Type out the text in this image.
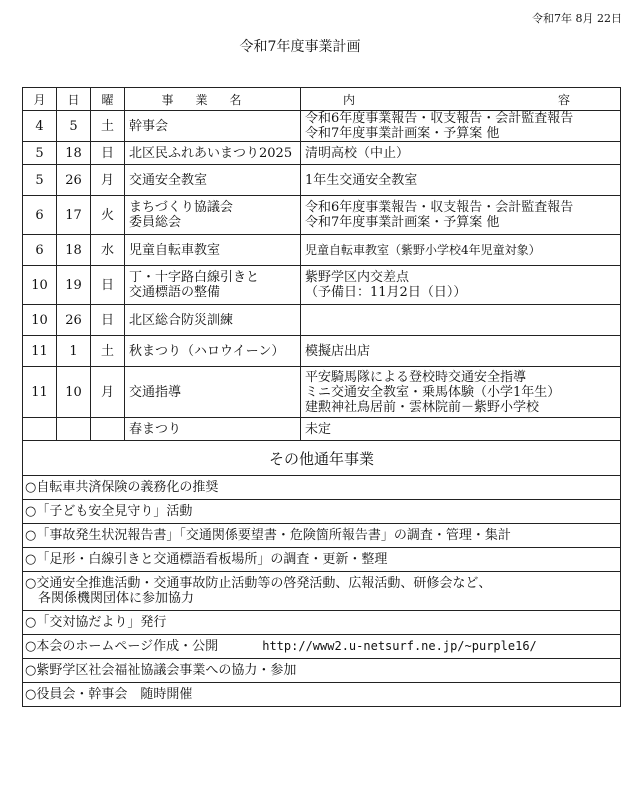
令和7年 8月 22日
令和7年度事業計画
月	日	曜	事業名	内 容

4	5	土	幹事会	令和6年度事業報告・収支報告・会計監査報告
令和7年度事業計画案・予算案 他
5	18	日	北区民ふれあいまつり2025	清明高校（中止）
5	26	月	交通安全教室	1年生交通安全教室
6	17	火	まちづくり協議会
委員総会	令和6年度事業報告・収支報告・会計監査報告
令和7年度事業計画案・予算案 他
6	18	水	児童自転車教室	児童自転車教室（紫野小学校4年児童対象）
10	19	日	丁・十字路白線引きと
交通標語の整備	紫野学区内交差点
（予備日：11月2日（日））
10	26	日	北区総合防災訓練	
11	1	土	秋まつり（ハロウイーン）	模擬店出店
11	10	月	交通指導	平安騎馬隊による登校時交通安全指導
ミニ交通安全教室・乗馬体験（小学1年生）
建勲神社鳥居前・雲林院前－紫野小学校
			春まつり	未定
その他通年事業				
○自転車共済保険の義務化の推奨				
○「子ども安全見守り」活動				
○「事故発生状況報告書」「交通関係要望書・危険箇所報告書」の調査・管理・集計				
○「足形・白線引きと交通標語看板場所」の調査・更新・整理				
○交通安全推進活動・交通事故防止活動等の啓発活動、広報活動、研修会など、
　各関係機関団体に参加協力				
○「交対協だより」発行				
○本会のホームページ作成・公開 http://www2.u-netsurf.ne.jp/~purple16/				
○紫野学区社会福祉協議会事業への協力・参加				
○役員会・幹事会　随時開催				
